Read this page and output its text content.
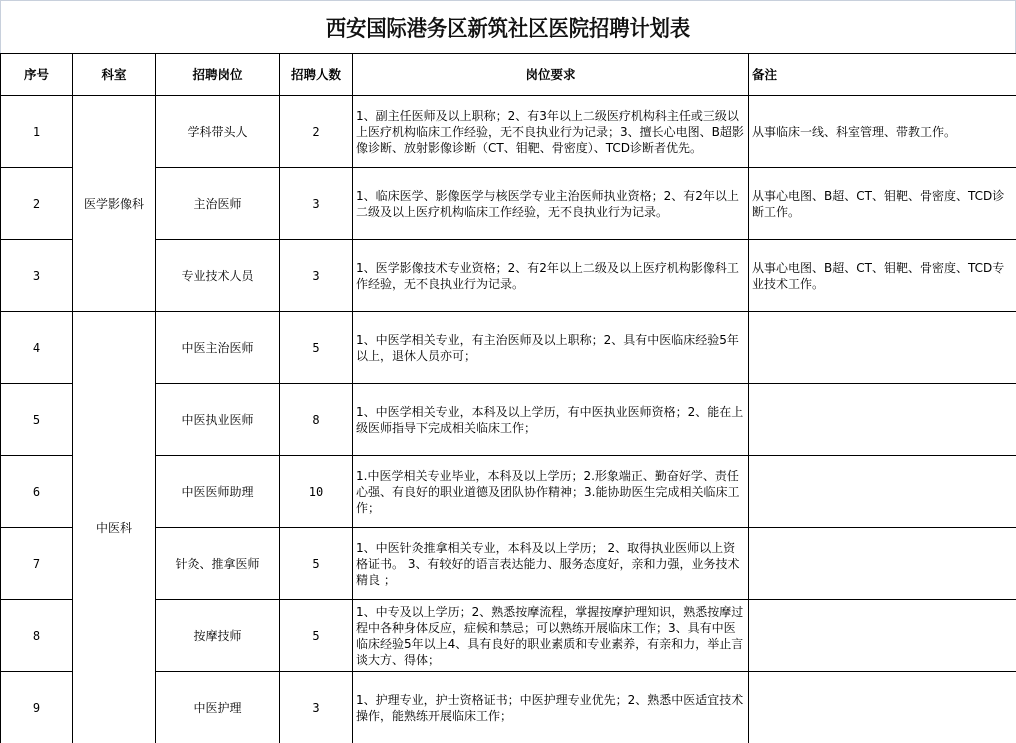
西安国际港务区新筑社区医院招聘计划表
序号	科室	招聘岗位	招聘人数	岗位要求	备注
1	医学影像科	学科带头人	2	1、副主任医师及以上职称；2、有3年以上二级医疗机构科主任或三级以上医疗机构临床工作经验，无不良执业行为记录；3、擅长心电图、B超影像诊断、放射影像诊断（CT、钼靶、骨密度）、TCD诊断者优先。	从事临床一线、科室管理、带教工作。
2		主治医师	3	1、临床医学、影像医学与核医学专业主治医师执业资格；2、有2年以上二级及以上医疗机构临床工作经验，无不良执业行为记录。	从事心电图、B超、CT、钼靶、骨密度、TCD诊断工作。
3		专业技术人员	3	1、医学影像技术专业资格；2、有2年以上二级及以上医疗机构影像科工作经验，无不良执业行为记录。	从事心电图、B超、CT、钼靶、骨密度、TCD专业技术工作。
4	中医科	中医主治医师	5	1、中医学相关专业，有主治医师及以上职称；2、具有中医临床经验5年以上，退休人员亦可；	
5		中医执业医师	8	1、中医学相关专业，本科及以上学历，有中医执业医师资格；2、能在上级医师指导下完成相关临床工作；	
6		中医医师助理	10	1.中医学相关专业毕业，本科及以上学历；2.形象端正、勤奋好学、责任心强、有良好的职业道德及团队协作精神；3.能协助医生完成相关临床工作；	
7		针灸、推拿医师	5	1、中医针灸推拿相关专业，本科及以上学历； 2、取得执业医师以上资格证书。 3、有较好的语言表达能力、服务态度好，亲和力强，业务技术精良 ；	
8		按摩技师	5	1、中专及以上学历；2、熟悉按摩流程，掌握按摩护理知识，熟悉按摩过程中各种身体反应，症候和禁忌；可以熟练开展临床工作；3、具有中医临床经验5年以上4、具有良好的职业素质和专业素养，有亲和力，举止言谈大方、得体；	
9		中医护理	3	1、护理专业，护士资格证书；中医护理专业优先；2、熟悉中医适宜技术操作，能熟练开展临床工作；	
